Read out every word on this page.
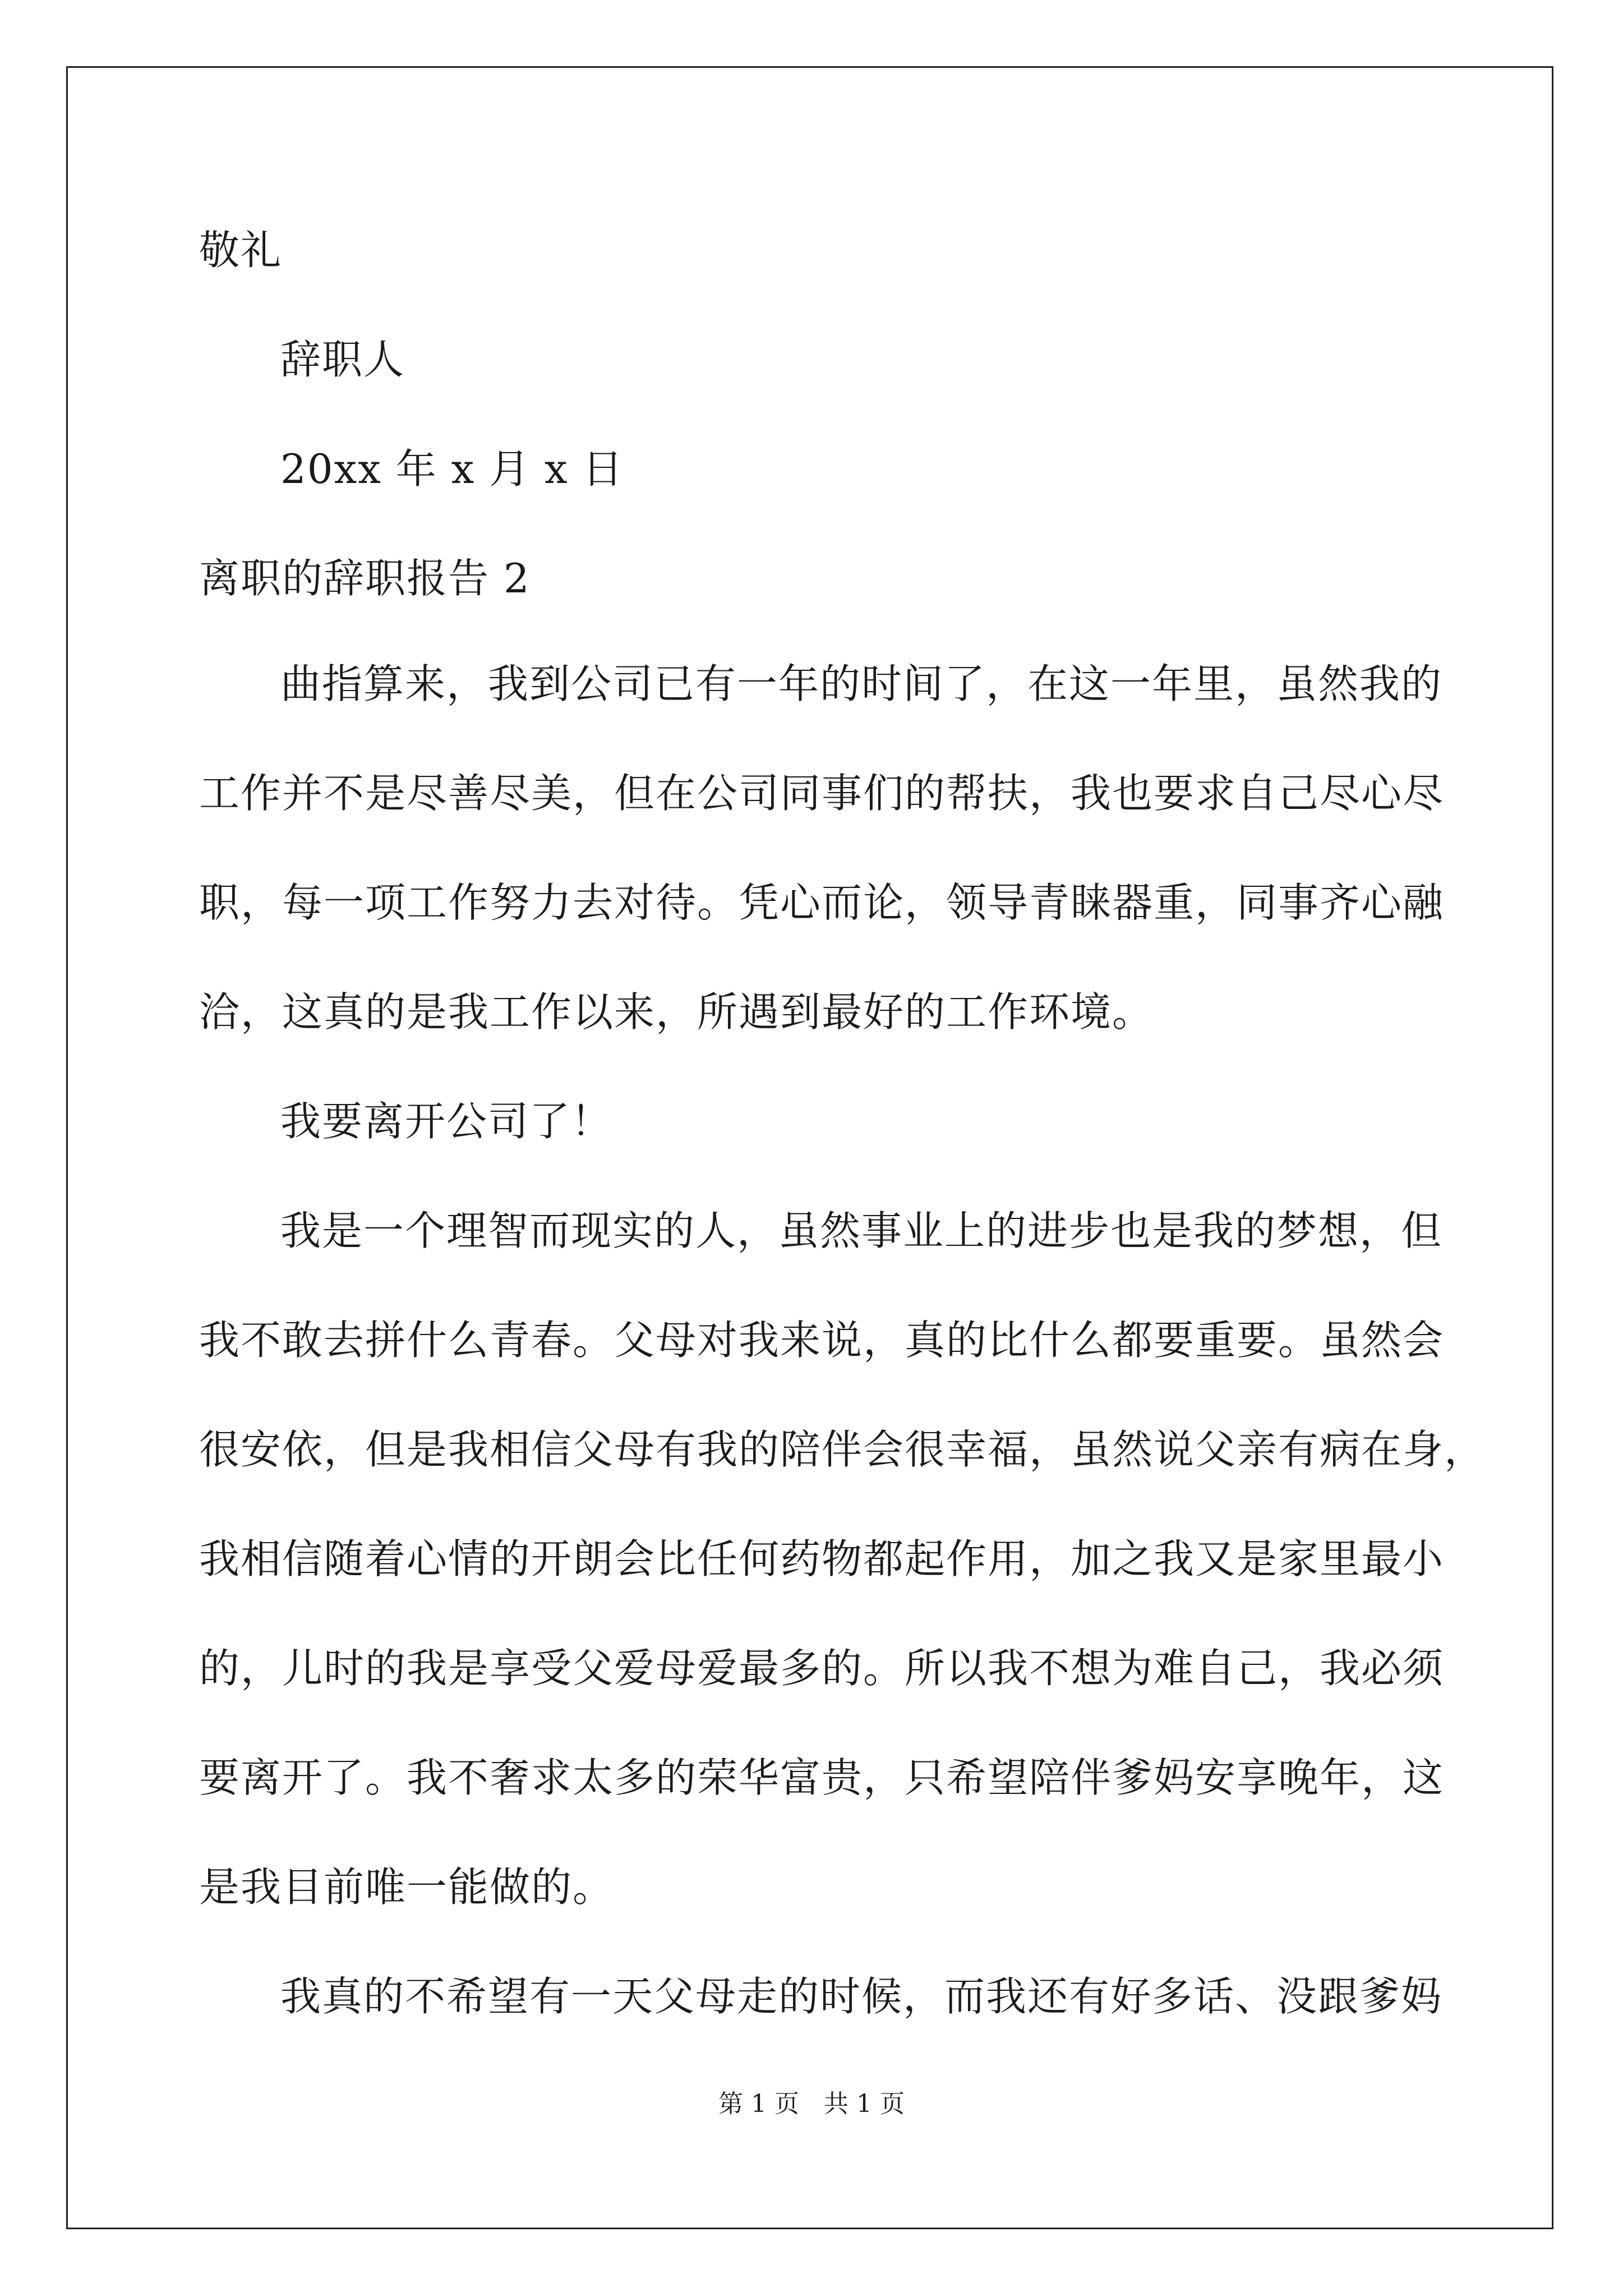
敬礼
辞职人
20xx 年 x 月 x 日
离职的辞职报告 2
曲指算来，我到公司已有一年的时间了，在这一年里，虽然我的
工作并不是尽善尽美，但在公司同事们的帮扶，我也要求自己尽心尽
职，每一项工作努力去对待。凭心而论，领导青睐器重，同事齐心融
洽，这真的是我工作以来，所遇到最好的工作环境。
我要离开公司了！
我是一个理智而现实的人，虽然事业上的进步也是我的梦想，但
我不敢去拼什么青春。父母对我来说，真的比什么都要重要。虽然会
很安依，但是我相信父母有我的陪伴会很幸福，虽然说父亲有病在身，
我相信随着心情的开朗会比任何药物都起作用，加之我又是家里最小
的，儿时的我是享受父爱母爱最多的。所以我不想为难自己，我必须
要离开了。我不奢求太多的荣华富贵，只希望陪伴爹妈安享晚年，这
是我目前唯一能做的。
我真的不希望有一天父母走的时候，而我还有好多话、没跟爹妈
第 1 页　共 1 页
